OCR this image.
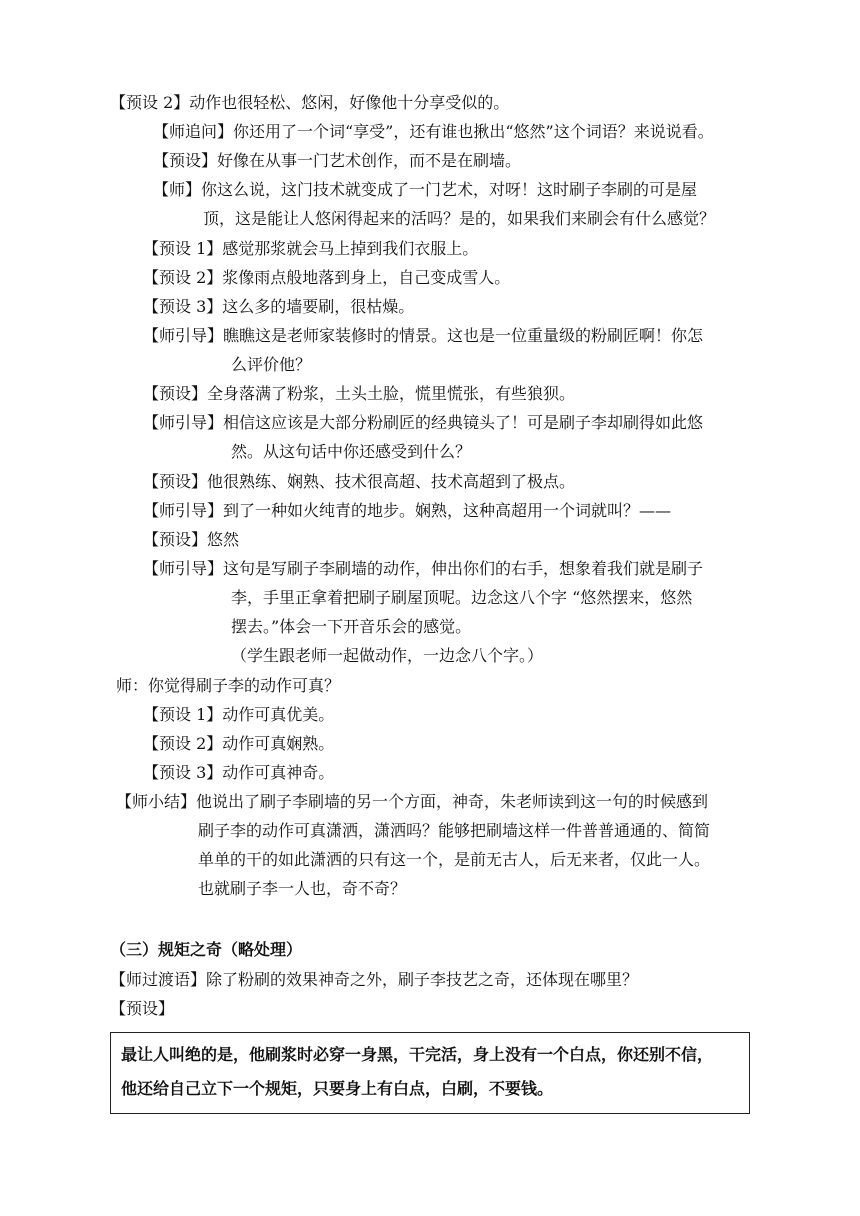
【预设 2】动作也很轻松、悠闲，好像他十分享受似的。
【师追问】你还用了一个词“享受”，还有谁也揪出“悠然”这个词语？来说说看。
【预设】好像在从事一门艺术创作，而不是在刷墙。
【师】你这么说，这门技术就变成了一门艺术，对呀！这时刷子李刷的可是屋
顶，这是能让人悠闲得起来的活吗？是的，如果我们来刷会有什么感觉？
【预设 1】感觉那浆就会马上掉到我们衣服上。
【预设 2】浆像雨点般地落到身上，自己变成雪人。
【预设 3】这么多的墙要刷，很枯燥。
【师引导】瞧瞧这是老师家装修时的情景。这也是一位重量级的粉刷匠啊！你怎
么评价他？
【预设】全身落满了粉浆，土头土脸，慌里慌张，有些狼狈。
【师引导】相信这应该是大部分粉刷匠的经典镜头了！可是刷子李却刷得如此悠
然。从这句话中你还感受到什么？
【预设】他很熟练、娴熟、技术很高超、技术高超到了极点。
【师引导】到了一种如火纯青的地步。娴熟，这种高超用一个词就叫？——
【预设】悠然
【师引导】这句是写刷子李刷墙的动作，伸出你们的右手，想象着我们就是刷子
李，手里正拿着把刷子刷屋顶呢。边念这八个字 “悠然摆来，悠然
摆去。”体会一下开音乐会的感觉。
（学生跟老师一起做动作，一边念八个字。）
师：你觉得刷子李的动作可真？
【预设 1】动作可真优美。
【预设 2】动作可真娴熟。
【预设 3】动作可真神奇。
【师小结】他说出了刷子李刷墙的另一个方面，神奇，朱老师读到这一句的时候感到
刷子李的动作可真潇洒，潇洒吗？能够把刷墙这样一件普普通通的、简简
单单的干的如此潇洒的只有这一个，是前无古人，后无来者，仅此一人。
也就刷子李一人也，奇不奇？
（三）规矩之奇（略处理）
【师过渡语】除了粉刷的效果神奇之外，刷子李技艺之奇，还体现在哪里？
【预设】
最让人叫绝的是，他刷浆时必穿一身黑，干完活，身上没有一个白点，你还别不信，
他还给自己立下一个规矩，只要身上有白点，白刷，不要钱。
